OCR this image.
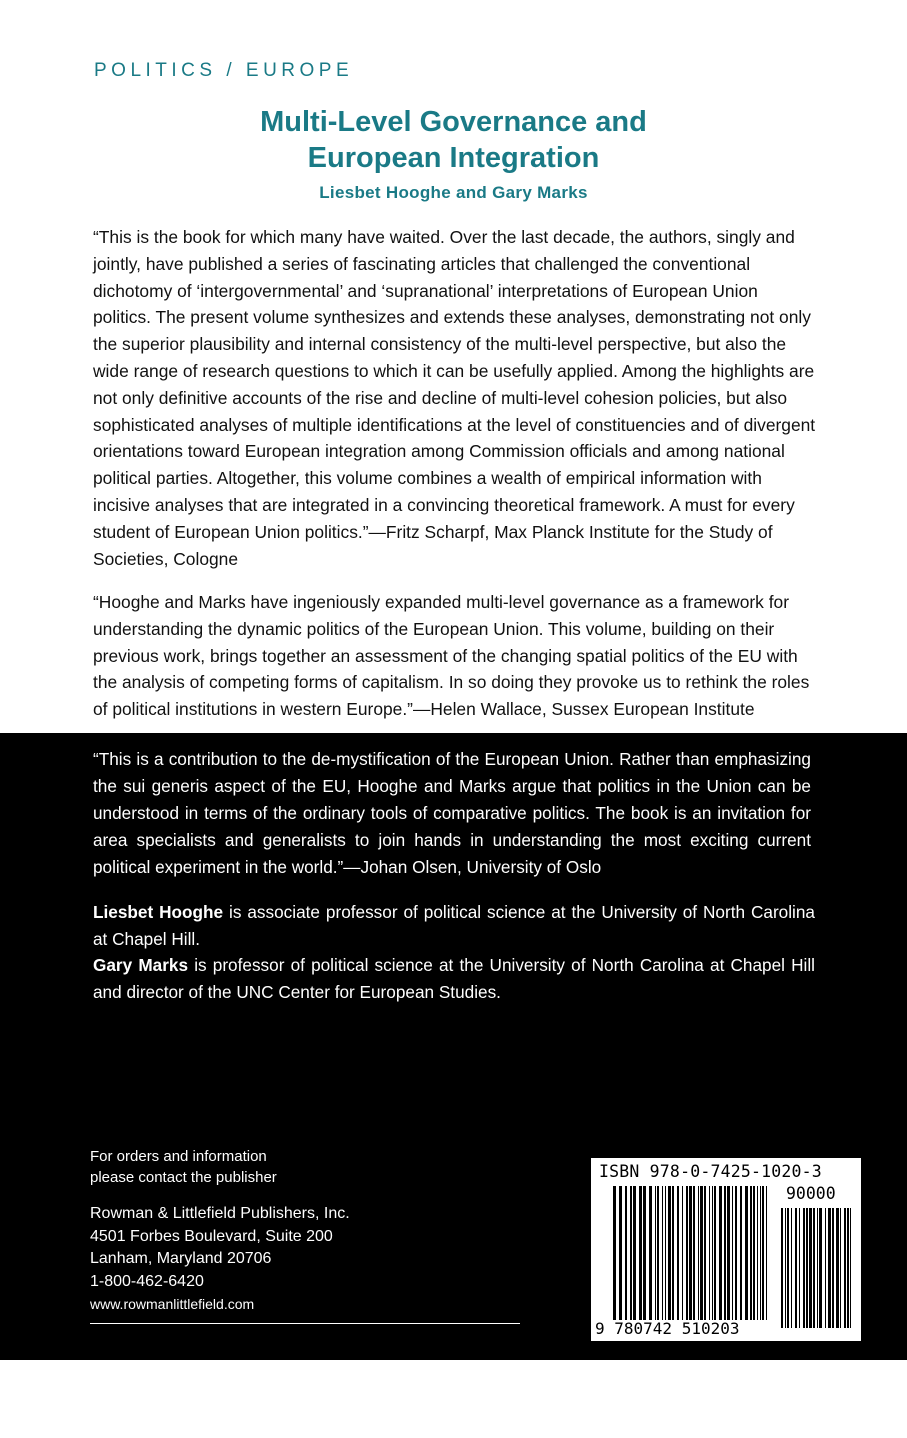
POLITICS / EUROPE
Multi-Level Governance and
European Integration
Liesbet Hooghe and Gary Marks

“This is the book for which many have waited. Over the last decade, the authors, singly and jointly, have published a series of fascinating articles that challenged the conventional dichotomy of ‘intergovernmental’ and ‘supranational’ interpretations of European Union politics. The present volume synthesizes and extends these analyses, demonstrating not only the superior plausibility and internal consistency of the multi-level perspective, but also the wide range of research questions to which it can be usefully applied. Among the highlights are not only definitive accounts of the rise and decline of multi-level cohesion policies, but also sophisticated analyses of multiple identifications at the level of constituencies and of divergent orientations toward European integration among Commission officials and among national political parties. Altogether, this volume combines a wealth of empirical information with incisive analyses that are integrated in a convincing theoretical framework. A must for every student of European Union politics.”—Fritz Scharpf, Max Planck Institute for the Study of Societies, Cologne

“Hooghe and Marks have ingeniously expanded multi-level governance as a framework for understanding the dynamic politics of the European Union. This volume, building on their previous work, brings together an assessment of the changing spatial politics of the EU with the analysis of competing forms of capitalism. In so doing they provoke us to rethink the roles of political institutions in western Europe.”—Helen Wallace, Sussex European Institute

“This is a contribution to the de-mystification of the European Union. Rather than emphasizing the sui generis aspect of the EU, Hooghe and Marks argue that politics in the Union can be understood in terms of the ordinary tools of comparative politics. The book is an invitation for area specialists and generalists to join hands in understanding the most exciting current political experiment in the world.”—Johan Olsen, University of Oslo

Liesbet Hooghe is associate professor of political science at the University of North Carolina at Chapel Hill.

Gary Marks is professor of political science at the University of North Carolina at Chapel Hill and director of the UNC Center for European Studies.

For orders and information
please contact the publisher
Rowman & Littlefield Publishers, Inc.
4501 Forbes Boulevard, Suite 200
Lanham, Maryland 20706
1-800-462-6420
www.rowmanlittlefield.com
ISBN 978-0-7425-1020-3
90000
9 780742 510203
